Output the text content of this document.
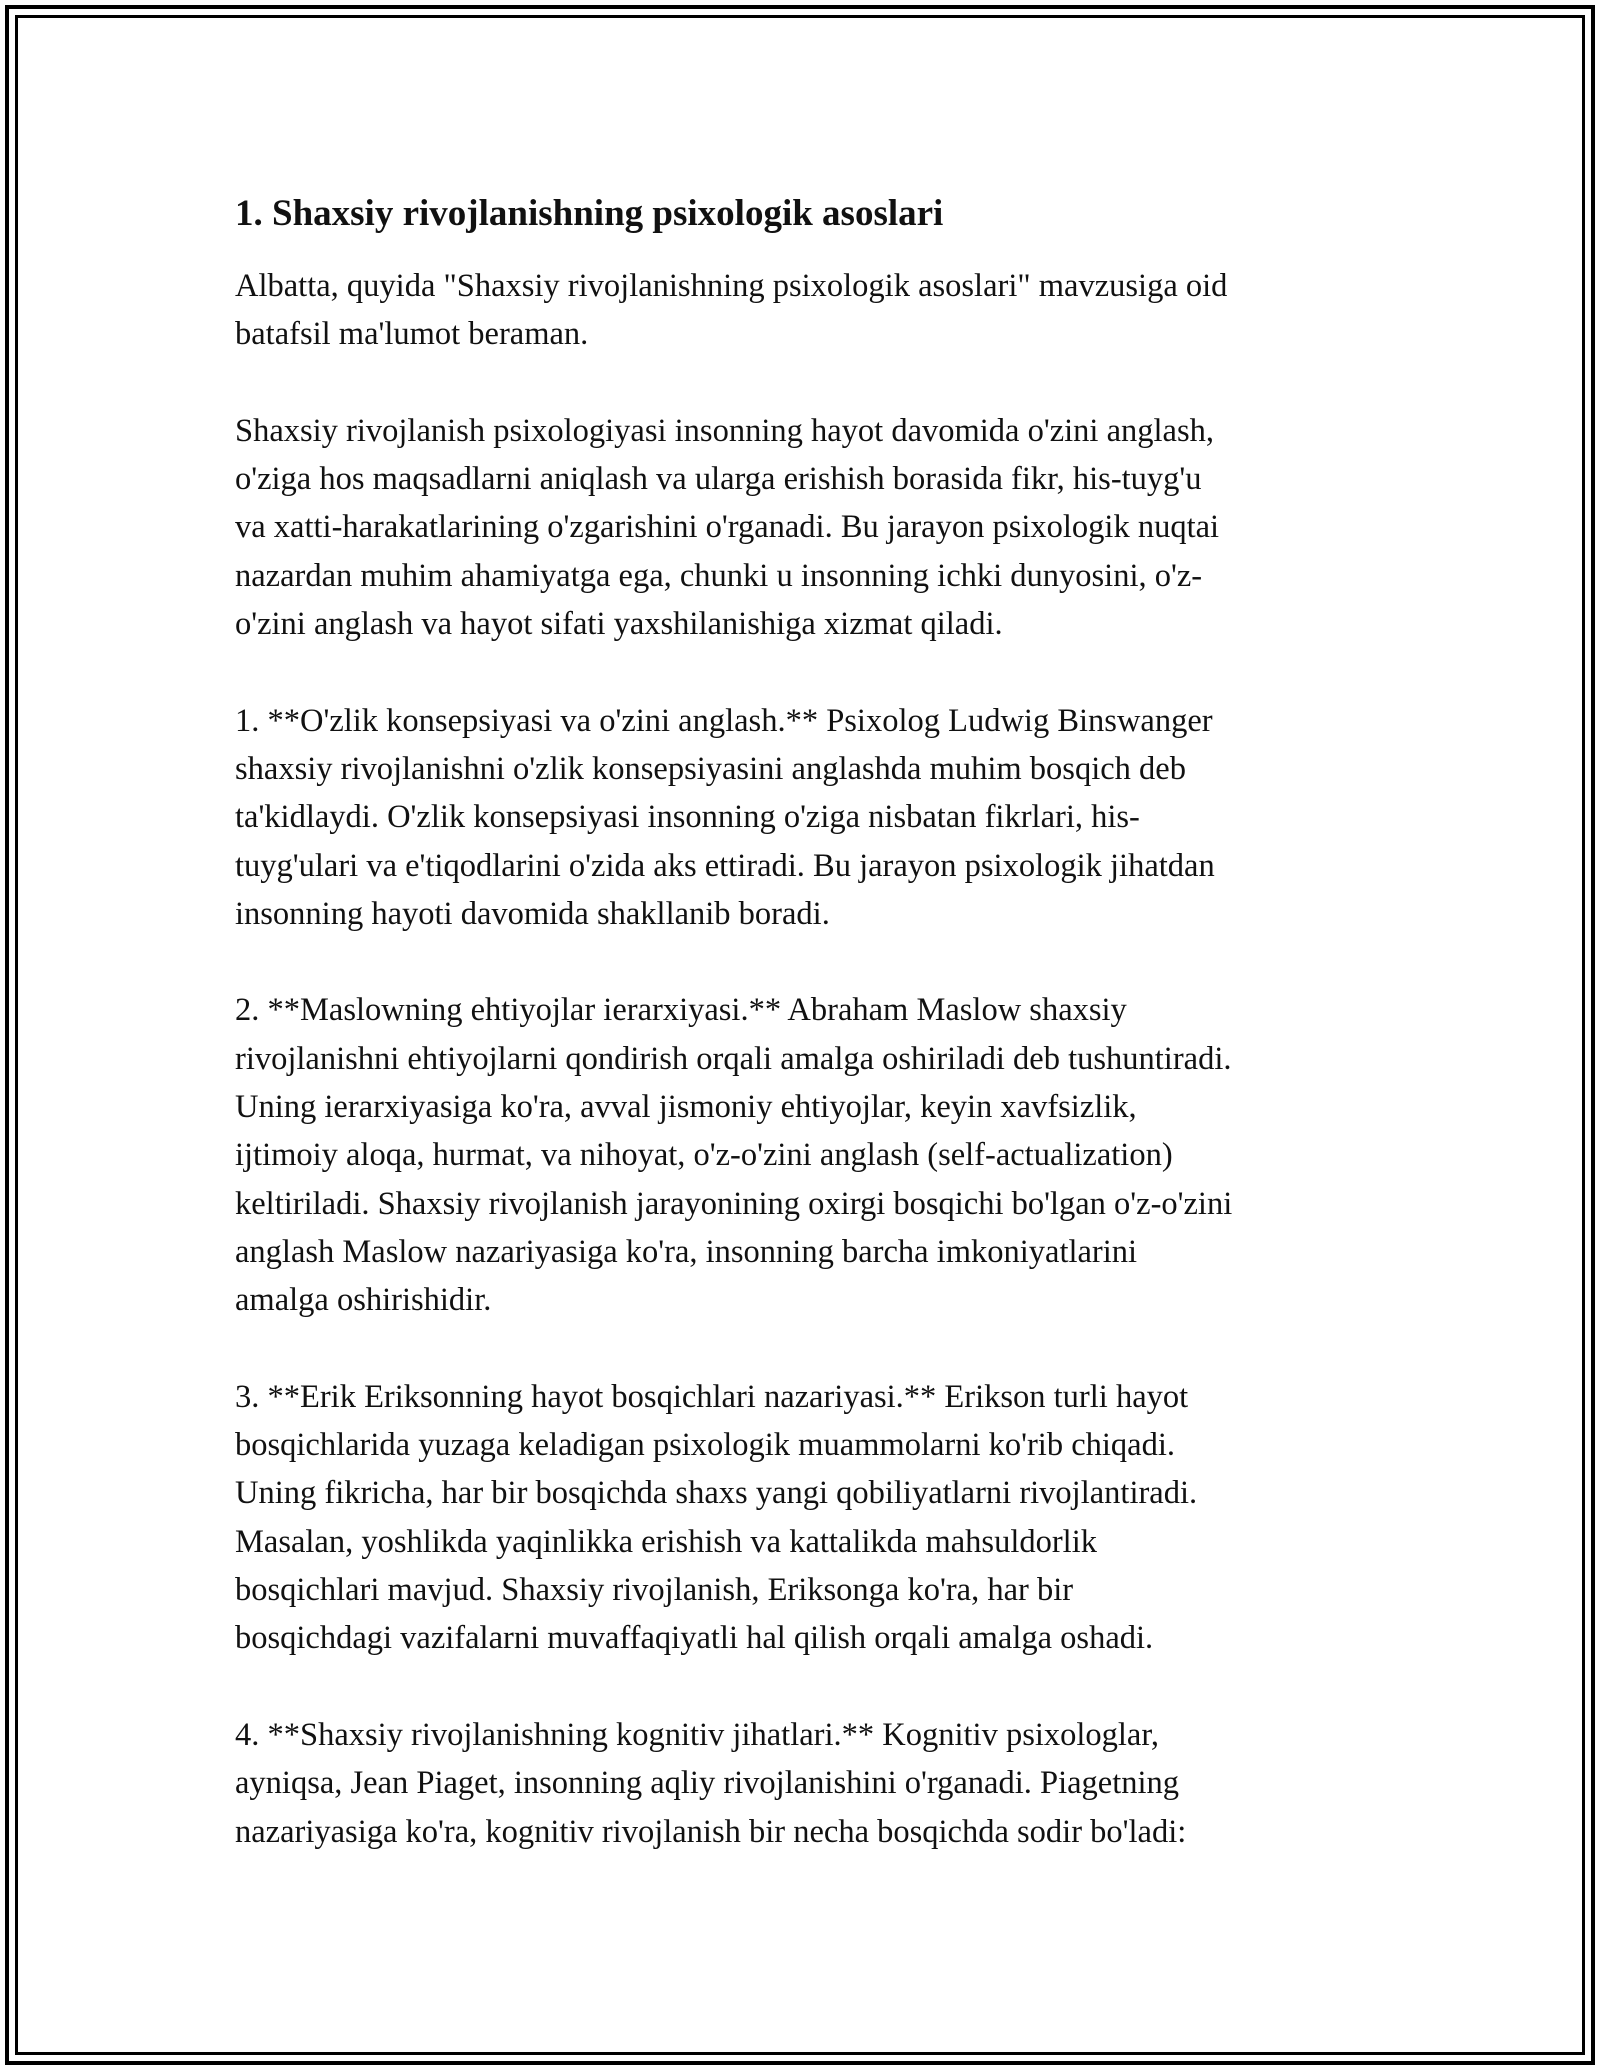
1. Shaxsiy rivojlanishning psixologik asoslari
Albatta, quyida "Shaxsiy rivojlanishning psixologik asoslari" mavzusiga oid
batafsil ma'lumot beraman.
Shaxsiy rivojlanish psixologiyasi insonning hayot davomida o'zini anglash,
o'ziga hos maqsadlarni aniqlash va ularga erishish borasida fikr, his-tuyg'u
va xatti-harakatlarining o'zgarishini o'rganadi. Bu jarayon psixologik nuqtai
nazardan muhim ahamiyatga ega, chunki u insonning ichki dunyosini, o'z-
o'zini anglash va hayot sifati yaxshilanishiga xizmat qiladi.
1. **O'zlik konsepsiyasi va o'zini anglash.** Psixolog Ludwig Binswanger
shaxsiy rivojlanishni o'zlik konsepsiyasini anglashda muhim bosqich deb
ta'kidlaydi. O'zlik konsepsiyasi insonning o'ziga nisbatan fikrlari, his-
tuyg'ulari va e'tiqodlarini o'zida aks ettiradi. Bu jarayon psixologik jihatdan
insonning hayoti davomida shakllanib boradi.
2. **Maslowning ehtiyojlar ierarxiyasi.** Abraham Maslow shaxsiy
rivojlanishni ehtiyojlarni qondirish orqali amalga oshiriladi deb tushuntiradi.
Uning ierarxiyasiga ko'ra, avval jismoniy ehtiyojlar, keyin xavfsizlik,
ijtimoiy aloqa, hurmat, va nihoyat, o'z-o'zini anglash (self-actualization)
keltiriladi. Shaxsiy rivojlanish jarayonining oxirgi bosqichi bo'lgan o'z-o'zini
anglash Maslow nazariyasiga ko'ra, insonning barcha imkoniyatlarini
amalga oshirishidir.
3. **Erik Eriksonning hayot bosqichlari nazariyasi.** Erikson turli hayot
bosqichlarida yuzaga keladigan psixologik muammolarni ko'rib chiqadi.
Uning fikricha, har bir bosqichda shaxs yangi qobiliyatlarni rivojlantiradi.
Masalan, yoshlikda yaqinlikka erishish va kattalikda mahsuldorlik
bosqichlari mavjud. Shaxsiy rivojlanish, Eriksonga ko'ra, har bir
bosqichdagi vazifalarni muvaffaqiyatli hal qilish orqali amalga oshadi.
4. **Shaxsiy rivojlanishning kognitiv jihatlari.** Kognitiv psixologlar,
ayniqsa, Jean Piaget, insonning aqliy rivojlanishini o'rganadi. Piagetning
nazariyasiga ko'ra, kognitiv rivojlanish bir necha bosqichda sodir bo'ladi:
